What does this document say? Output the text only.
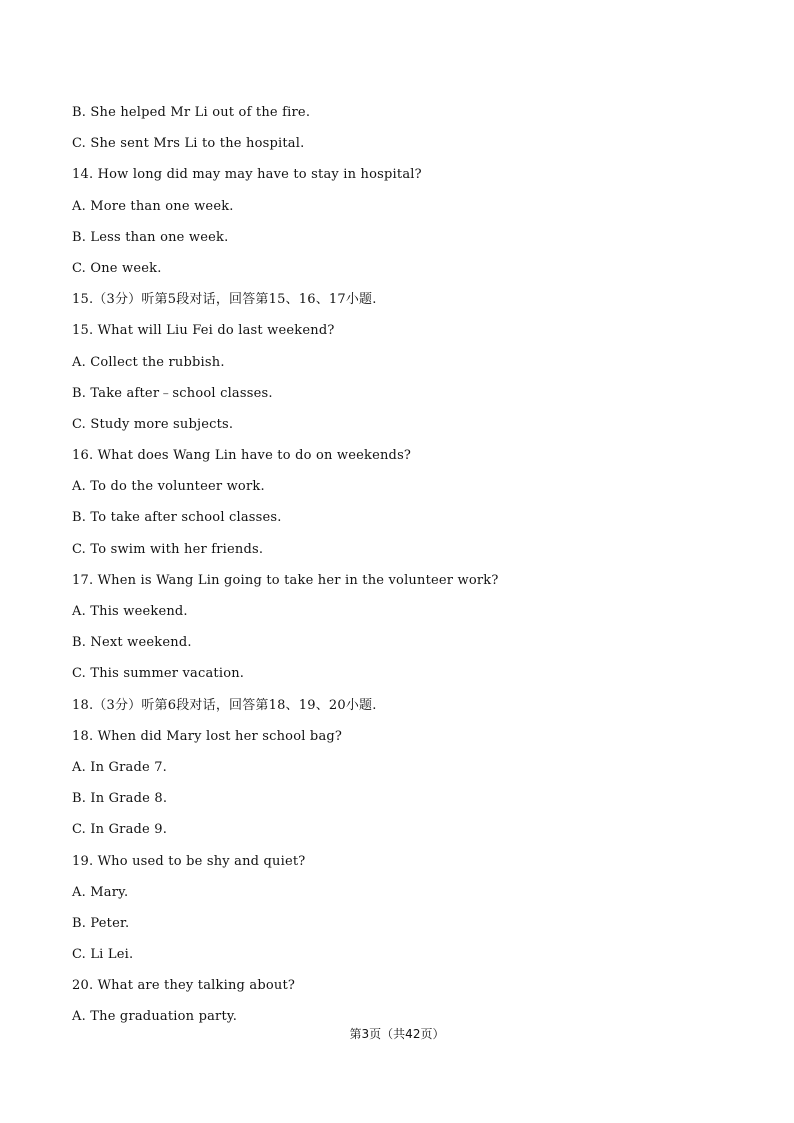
B. She helped Mr Li out of the fire.
C. She sent Mrs Li to the hospital.
14. How long did may may have to stay in hospital?
A. More than one week.
B. Less than one week.
C. One week.
15.（3分）听第5段对话，回答第15、16、17小题.
15. What will Liu Fei do last weekend?
A. Collect the rubbish.
B. Take after﹣school classes.
C. Study more subjects.
16. What does Wang Lin have to do on weekends?
A. To do the volunteer work.
B. To take after school classes.
C. To swim with her friends.
17. When is Wang Lin going to take her in the volunteer work?
A. This weekend.
B. Next weekend.
C. This summer vacation.
18.（3分）听第6段对话，回答第18、19、20小题.
18. When did Mary lost her school bag?
A. In Grade 7.
B. In Grade 8.
C. In Grade 9.
19. Who used to be shy and quiet?
A. Mary.
B. Peter.
C. Li Lei.
20. What are they talking about?
A. The graduation party.
第3页（共42页）
